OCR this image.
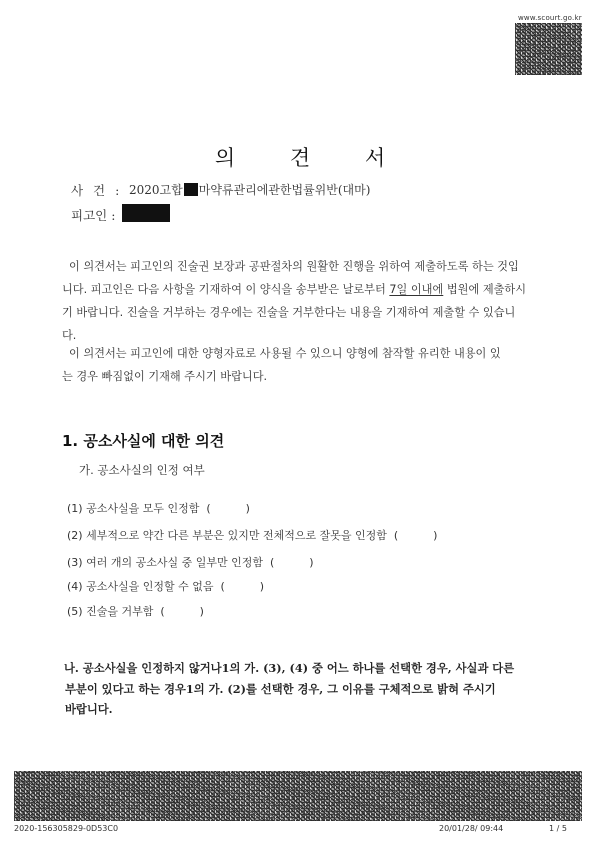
www.scourt.go.kr
의 견 서
사 건 : 2020고합 마약류관리에관한법률위반(대마)
피고인 :
이 의견서는 피고인의 진술권 보장과 공판절차의 원활한 진행을 위하여 제출하도록 하는 것입
니다. 피고인은 다음 사항을 기재하여 이 양식을 송부받은 날로부터 7일 이내에 법원에 제출하시
기 바랍니다. 진술을 거부하는 경우에는 진술을 거부한다는 내용을 기재하여 제출할 수 있습니
다.
이 의견서는 피고인에 대한 양형자료로 사용될 수 있으니 양형에 참작할 유리한 내용이 있
는 경우 빠짐없이 기재해 주시기 바랍니다.
1. 공소사실에 대한 의견
가. 공소사실의 인정 여부
(1) 공소사실을 모두 인정함  (          )
(2) 세부적으로 약간 다른 부분은 있지만 전체적으로 잘못을 인정함  (          )
(3) 여러 개의 공소사실 중 일부만 인정함  (          )
(4) 공소사실을 인정할 수 없음  (          )
(5) 진술을 거부함  (          )
나. 공소사실을 인정하지 않거나1의 가. (3), (4) 중 어느 하나를 선택한 경우, 사실과 다른
부분이 있다고 하는 경우1의 가. (2)를 선택한 경우, 그 이유를 구체적으로 밝혀 주시기
바랍니다.
2020-156305829-0D53C0	20/01/28/ 09:44	1 / 5
